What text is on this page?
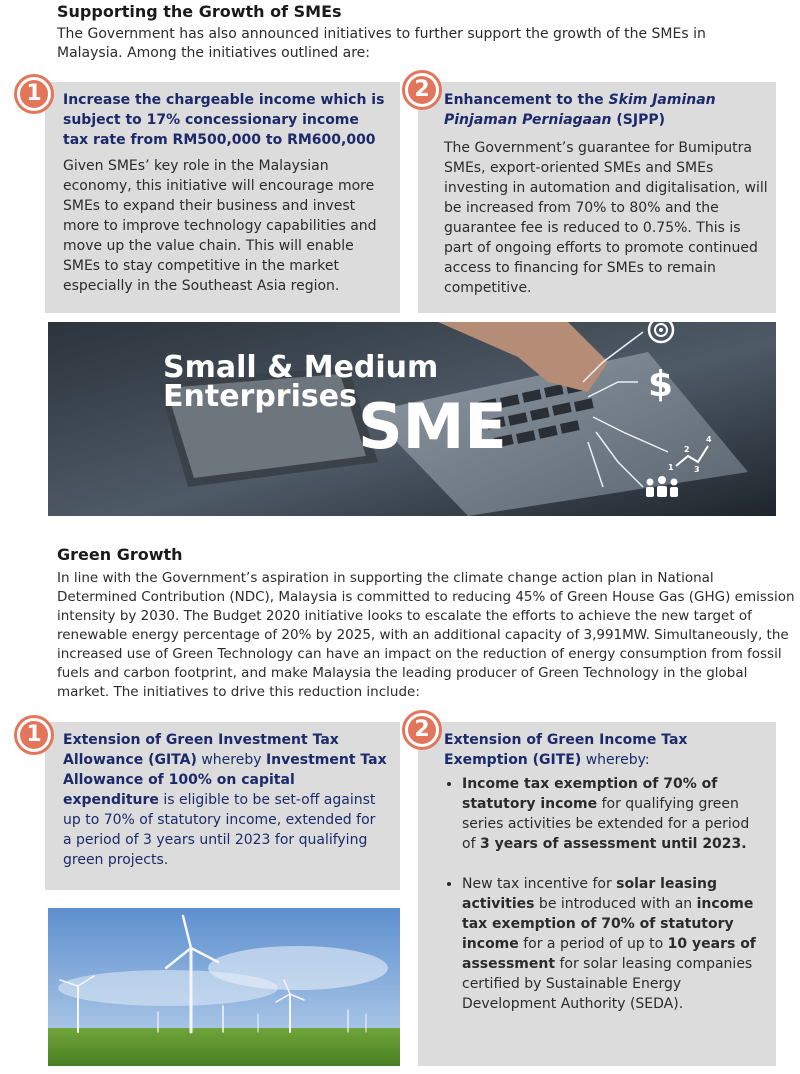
Supporting the Growth of SMEs
The Government has also announced initiatives to further support the growth of the SMEs in Malaysia. Among the initiatives outlined are:
Increase the chargeable income which is subject to 17% concessionary income tax rate from RM500,000 to RM600,000
Given SMEs’ key role in the Malaysian economy, this initiative will encourage more SMEs to expand their business and invest more to improve technology capabilities and move up the value chain. This will enable SMEs to stay competitive in the market especially in the Southeast Asia region.
1	Enhancement to the Skim Jaminan Pinjaman Perniagaan (SJPP)
The Government’s guarantee for Bumiputra SMEs, export-oriented SMEs and SMEs investing in automation and digitalisation, will be increased from 70% to 80% and the guarantee fee is reduced to 0.75%. This is part of ongoing efforts to promote continued access to financing for SMEs to remain competitive.
2
$
1
2
3
4
Small & Medium
Enterprises SME
Green Growth
In line with the Government’s aspiration in supporting the climate change action plan in National Determined Contribution (NDC), Malaysia is committed to reducing 45% of Green House Gas (GHG) emission intensity by 2030. The Budget 2020 initiative looks to escalate the efforts to achieve the new target of renewable energy percentage of 20% by 2025, with an additional capacity of 3,991MW. Simultaneously, the increased use of Green Technology can have an impact on the reduction of energy consumption from fossil fuels and carbon footprint, and make Malaysia the leading producer of Green Technology in the global market. The initiatives to drive this reduction include:
Extension of Green Investment Tax Allowance (GITA) whereby Investment Tax Allowance of 100% on capital expenditure is eligible to be set-off against up to 70% of statutory income, extended for a period of 3 years until 2023 for qualifying green projects.
1	Extension of Green Income Tax Exemption (GITE) whereby:
• Income tax exemption of 70% of statutory income for qualifying green series activities be extended for a period of 3 years of assessment until 2023.
• New tax incentive for solar leasing activities be introduced with an income tax exemption of 70% of statutory income for a period of up to 10 years of assessment for solar leasing companies certified by Sustainable Energy Development Authority (SEDA).
2
